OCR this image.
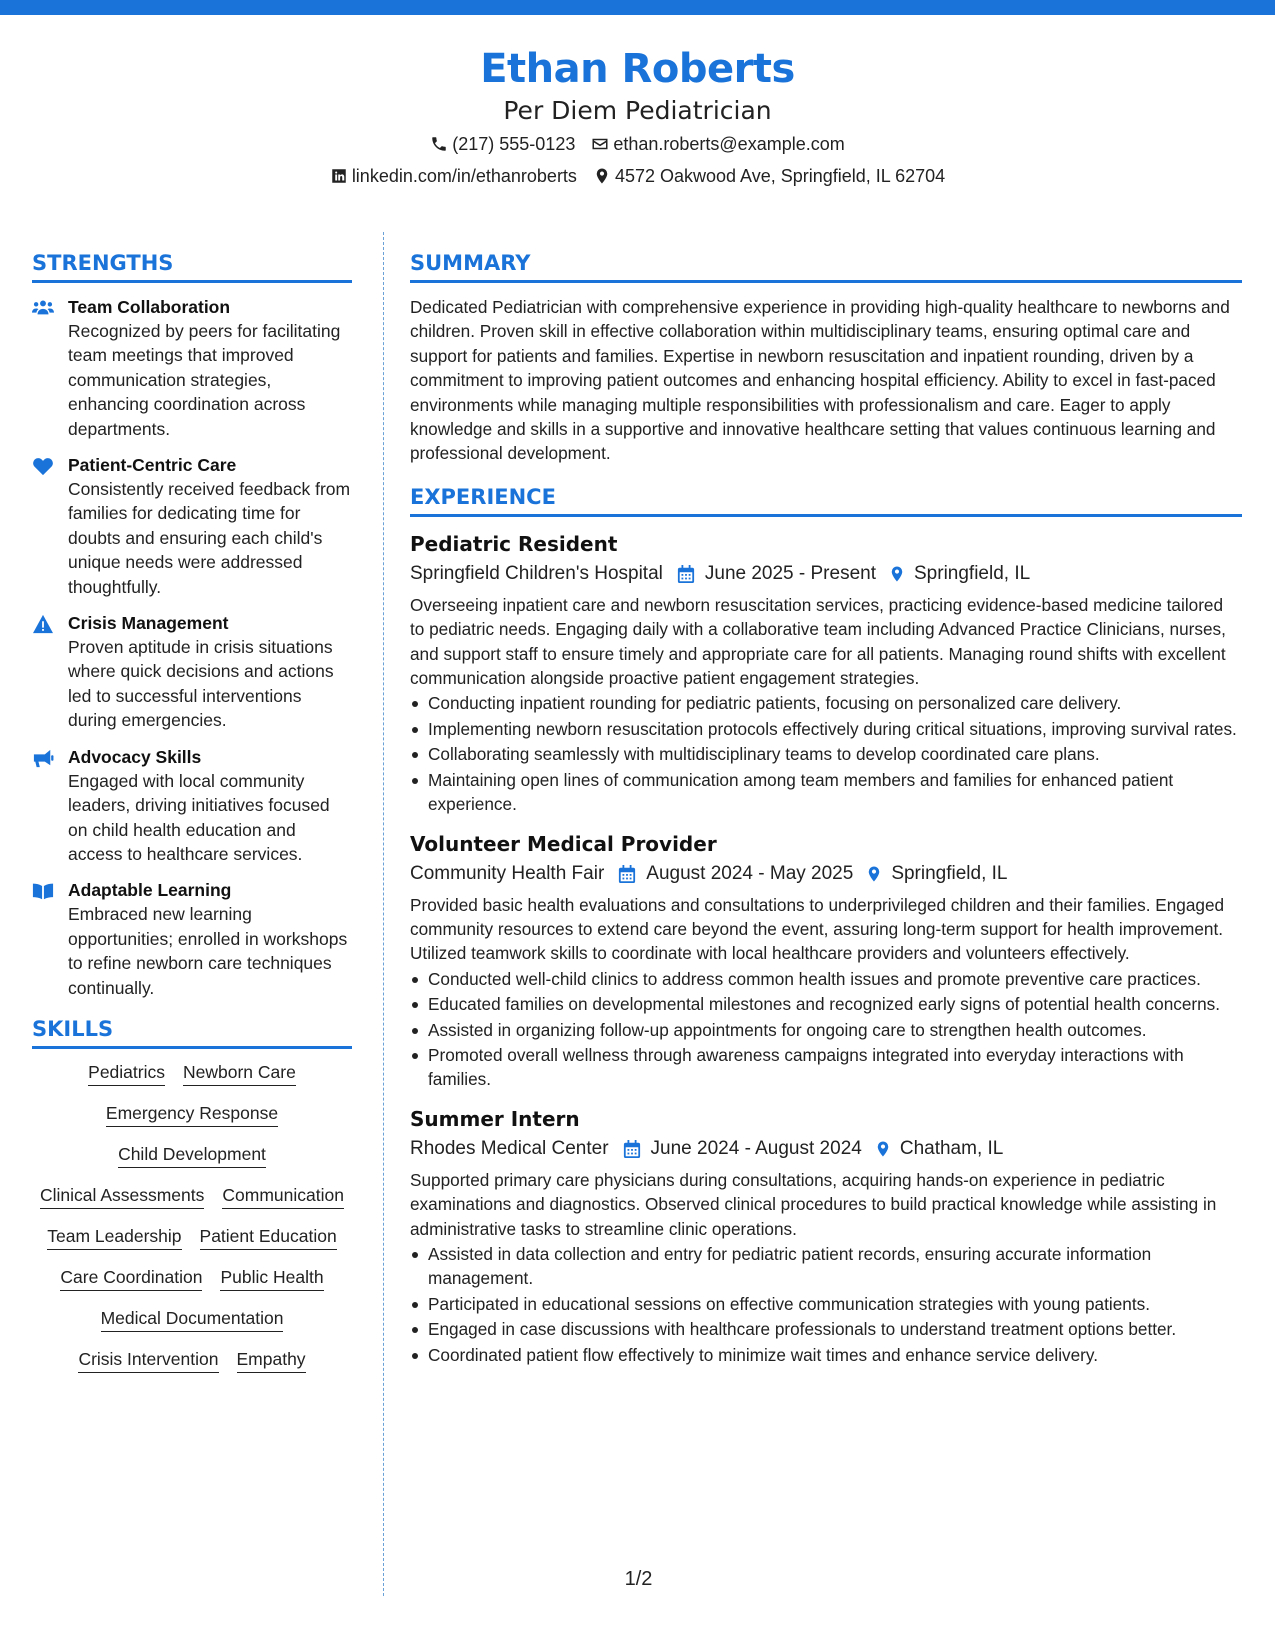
Ethan Roberts
Per Diem Pediatrician
(217) 555-0123 ethan.roberts@example.com
linkedin.com/in/ethanroberts 4572 Oakwood Ave, Springfield, IL 62704
STRENGTHS
Team Collaboration
Recognized by peers for facilitating team meetings that improved communication strategies, enhancing coordination across departments.
Patient-Centric Care
Consistently received feedback from families for dedicating time for doubts and ensuring each child's unique needs were addressed thoughtfully.
Crisis Management
Proven aptitude in crisis situations where quick decisions and actions led to successful interventions during emergencies.
Advocacy Skills
Engaged with local community leaders, driving initiatives focused on child health education and access to healthcare services.
Adaptable Learning
Embraced new learning opportunities; enrolled in workshops to refine newborn care techniques continually.
SKILLS
Pediatrics Newborn Care
Emergency Response
Child Development
Clinical Assessments Communication
Team Leadership Patient Education
Care Coordination Public Health
Medical Documentation
Crisis Intervention Empathy
SUMMARY
Dedicated Pediatrician with comprehensive experience in providing high-quality healthcare to newborns and children. Proven skill in effective collaboration within multidisciplinary teams, ensuring optimal care and support for patients and families. Expertise in newborn resuscitation and inpatient rounding, driven by a commitment to improving patient outcomes and enhancing hospital efficiency. Ability to excel in fast-paced environments while managing multiple responsibilities with professionalism and care. Eager to apply knowledge and skills in a supportive and innovative healthcare setting that values continuous learning and professional development.
EXPERIENCE
Pediatric Resident
Springfield Children's Hospital June 2025 - Present Springfield, IL
Overseeing inpatient care and newborn resuscitation services, practicing evidence-based medicine tailored to pediatric needs. Engaging daily with a collaborative team including Advanced Practice Clinicians, nurses, and support staff to ensure timely and appropriate care for all patients. Managing round shifts with excellent communication alongside proactive patient engagement strategies.
Conducting inpatient rounding for pediatric patients, focusing on personalized care delivery.
Implementing newborn resuscitation protocols effectively during critical situations, improving survival rates.
Collaborating seamlessly with multidisciplinary teams to develop coordinated care plans.
Maintaining open lines of communication among team members and families for enhanced patient experience.
Volunteer Medical Provider
Community Health Fair August 2024 - May 2025 Springfield, IL
Provided basic health evaluations and consultations to underprivileged children and their families. Engaged community resources to extend care beyond the event, assuring long-term support for health improvement. Utilized teamwork skills to coordinate with local healthcare providers and volunteers effectively.
Conducted well-child clinics to address common health issues and promote preventive care practices.
Educated families on developmental milestones and recognized early signs of potential health concerns.
Assisted in organizing follow-up appointments for ongoing care to strengthen health outcomes.
Promoted overall wellness through awareness campaigns integrated into everyday interactions with families.
Summer Intern
Rhodes Medical Center June 2024 - August 2024 Chatham, IL
Supported primary care physicians during consultations, acquiring hands-on experience in pediatric examinations and diagnostics. Observed clinical procedures to build practical knowledge while assisting in administrative tasks to streamline clinic operations.
Assisted in data collection and entry for pediatric patient records, ensuring accurate information management.
Participated in educational sessions on effective communication strategies with young patients.
Engaged in case discussions with healthcare professionals to understand treatment options better.
Coordinated patient flow effectively to minimize wait times and enhance service delivery.
1/2
